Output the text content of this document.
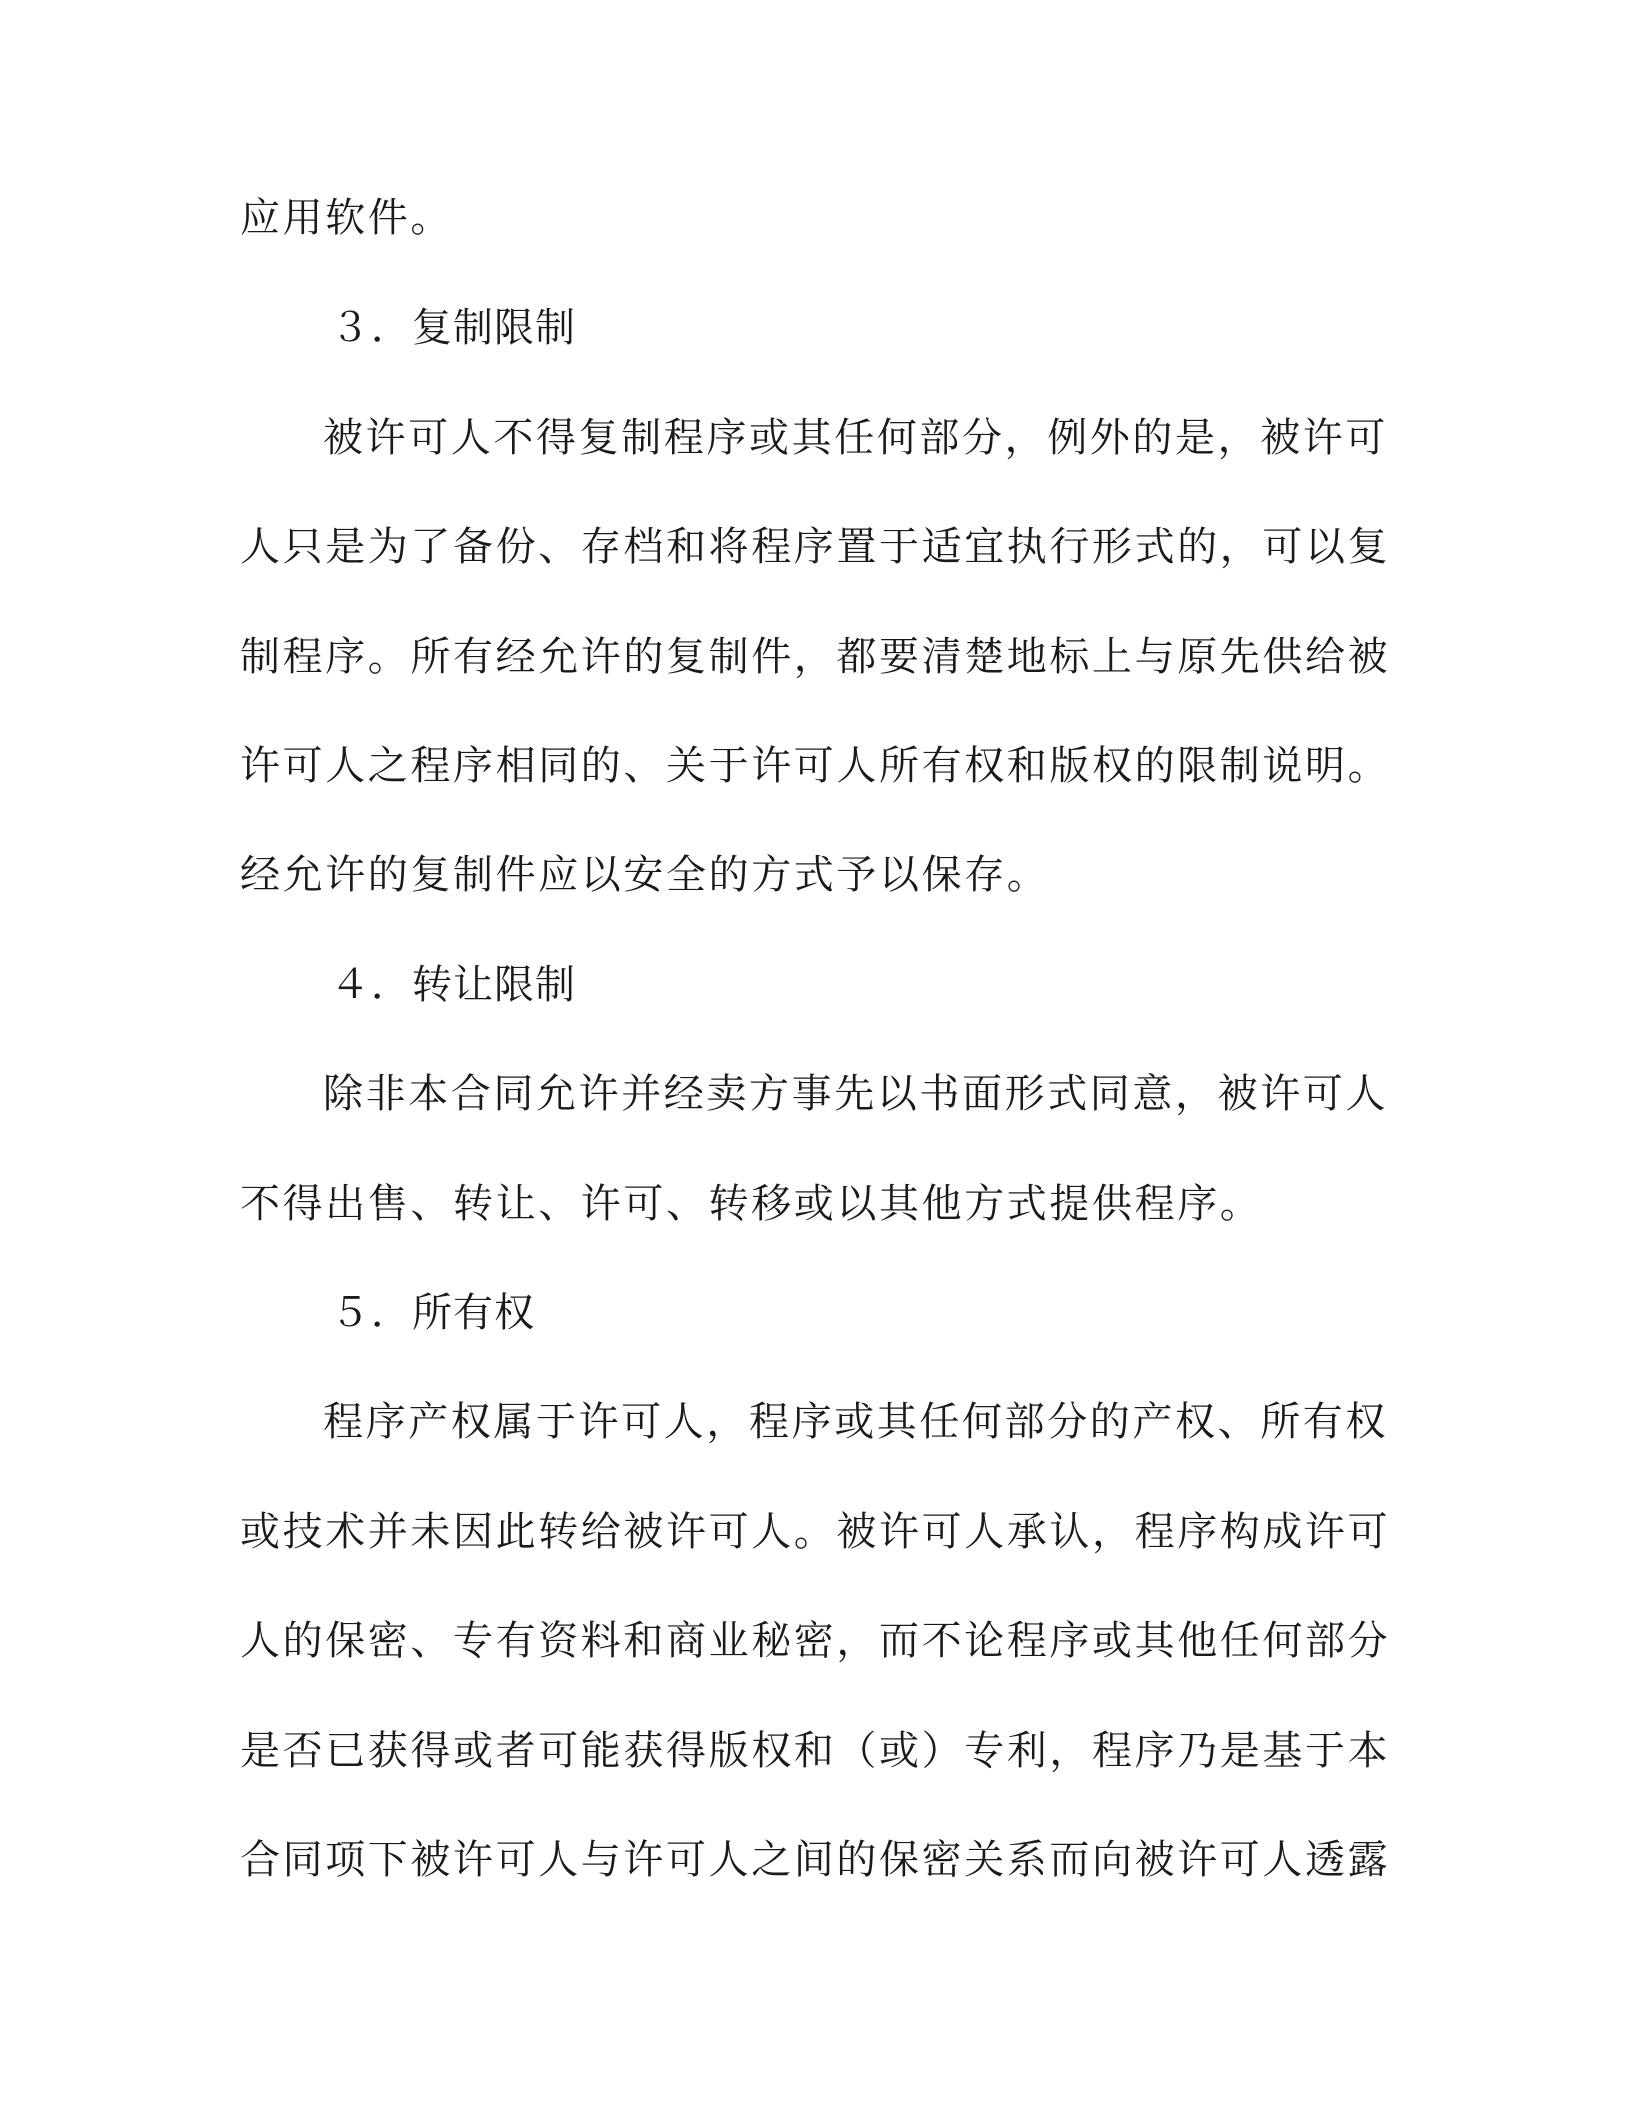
应用软件。

３．复制限制

被许可人不得复制程序或其任何部分，例外的是，被许可

人只是为了备份、存档和将程序置于适宜执行形式的，可以复

制程序。所有经允许的复制件，都要清楚地标上与原先供给被

许可人之程序相同的、关于许可人所有权和版权的限制说明。

经允许的复制件应以安全的方式予以保存。

４．转让限制

除非本合同允许并经卖方事先以书面形式同意，被许可人

不得出售、转让、许可、转移或以其他方式提供程序。

５．所有权

程序产权属于许可人，程序或其任何部分的产权、所有权

或技术并未因此转给被许可人。被许可人承认，程序构成许可

人的保密、专有资料和商业秘密，而不论程序或其他任何部分

是否已获得或者可能获得版权和（或）专利，程序乃是基于本

合同项下被许可人与许可人之间的保密关系而向被许可人透露
